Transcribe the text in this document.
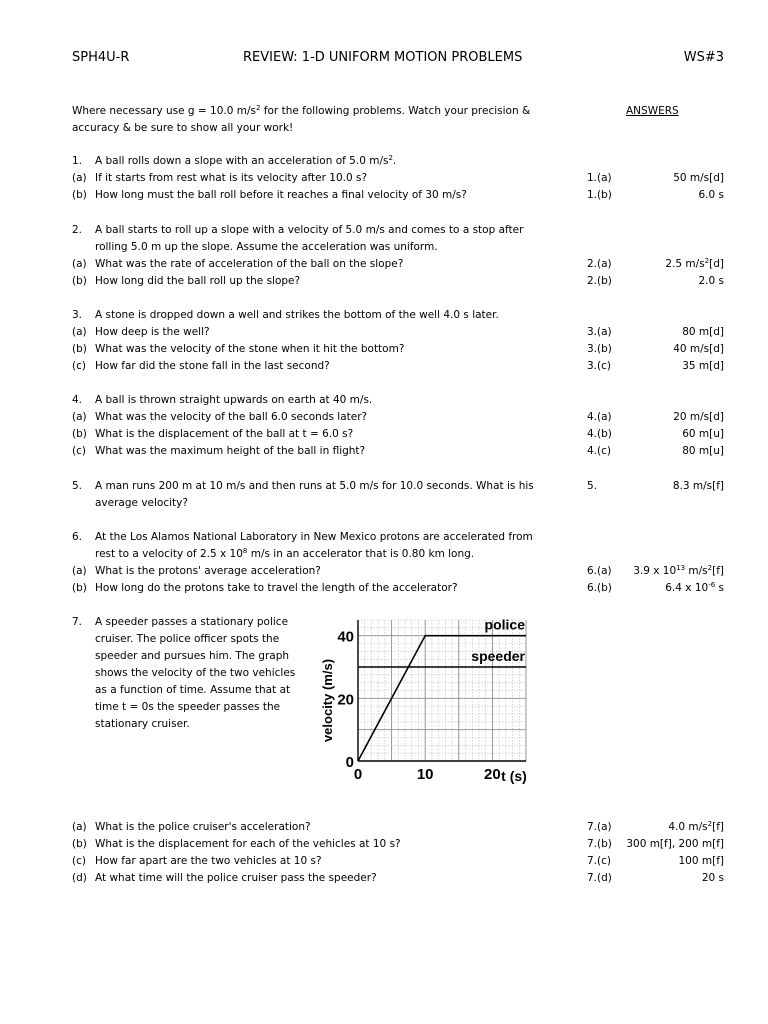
SPH4U-R	REVIEW: 1-D UNIFORM MOTION PROBLEMS	WS#3
Where necessary use g = 10.0 $m/s^2$ for the following problems. Watch your precision &
accuracy & be sure to show all your work!
ANSWERS
1. A ball rolls down a slope with an acceleration of 5.0 $m/s^2$.
(a) If it starts from rest what is its velocity after 10.0 s?	1.(a)	50 m/s[d]
(b) How long must the ball roll before it reaches a final velocity of 30 m/s?	1.(b)	6.0 s
2. A ball starts to roll up a slope with a velocity of 5.0 m/s and comes to a stop after
rolling 5.0 m up the slope. Assume the acceleration was uniform.
(a) What was the rate of acceleration of the ball on the slope?	2.(a)	2.5 $m/s^2[d]$
(b) How long did the ball roll up the slope?	2.(b)	2.0 s
3. A stone is dropped down a well and strikes the bottom of the well 4.0 s later.
(a) How deep is the well?	3.(a)	80 m[d]
(b) What was the velocity of the stone when it hit the bottom?	3.(b)	40 m/s[d]
(c) How far did the stone fall in the last second?	3.(c)	35 m[d]
4. A ball is thrown straight upwards on earth at 40 m/s.
(a) What was the velocity of the ball 6.0 seconds later?	4.(a)	20 m/s[d]
(b) What is the displacement of the ball at t = 6.0 s?	4.(b)	60 m[u]
(c) What was the maximum height of the ball in flight?	4.(c)	80 m[u]
5. A man runs 200 m at 10 m/s and then runs at 5.0 m/s for 10.0 seconds. What is his
average velocity?
5.	8.3 m/s[f]
6. At the Los Alamos National Laboratory in New Mexico protons are accelerated from
rest to a velocity of 2.5 x $10^8$ m/s in an accelerator that is 0.80 km long.
(a) What is the protons' average acceleration?	6.(a) 3.9 x $10^{13}$ $m/s^2[f]$
(b) How long do the protons take to travel the length of the accelerator?	6.(b)	6.4 x $10^{-6}$ s
7. A speeder passes a stationary police
cruiser. The police officer spots the
speeder and pursues him. The graph
shows the velocity of the two vehicles
as a function of time. Assume that at
time t = 0s the speeder passes the
stationary cruiser.
0	10	20
0
20
40
t (s)
velocity (m/s)
police
speeder
(a) What is the police cruiser's acceleration?	7.(a)	4.0 $m/s^2[f]$
(b) What is the displacement for each of the vehicles at 10 s?	7.(b) 300 m[f], 200 m[f]
(c) How far apart are the two vehicles at 10 s?	7.(c)	100 m[f]
(d) At what time will the police cruiser pass the speeder?	7.(d)	20 s
